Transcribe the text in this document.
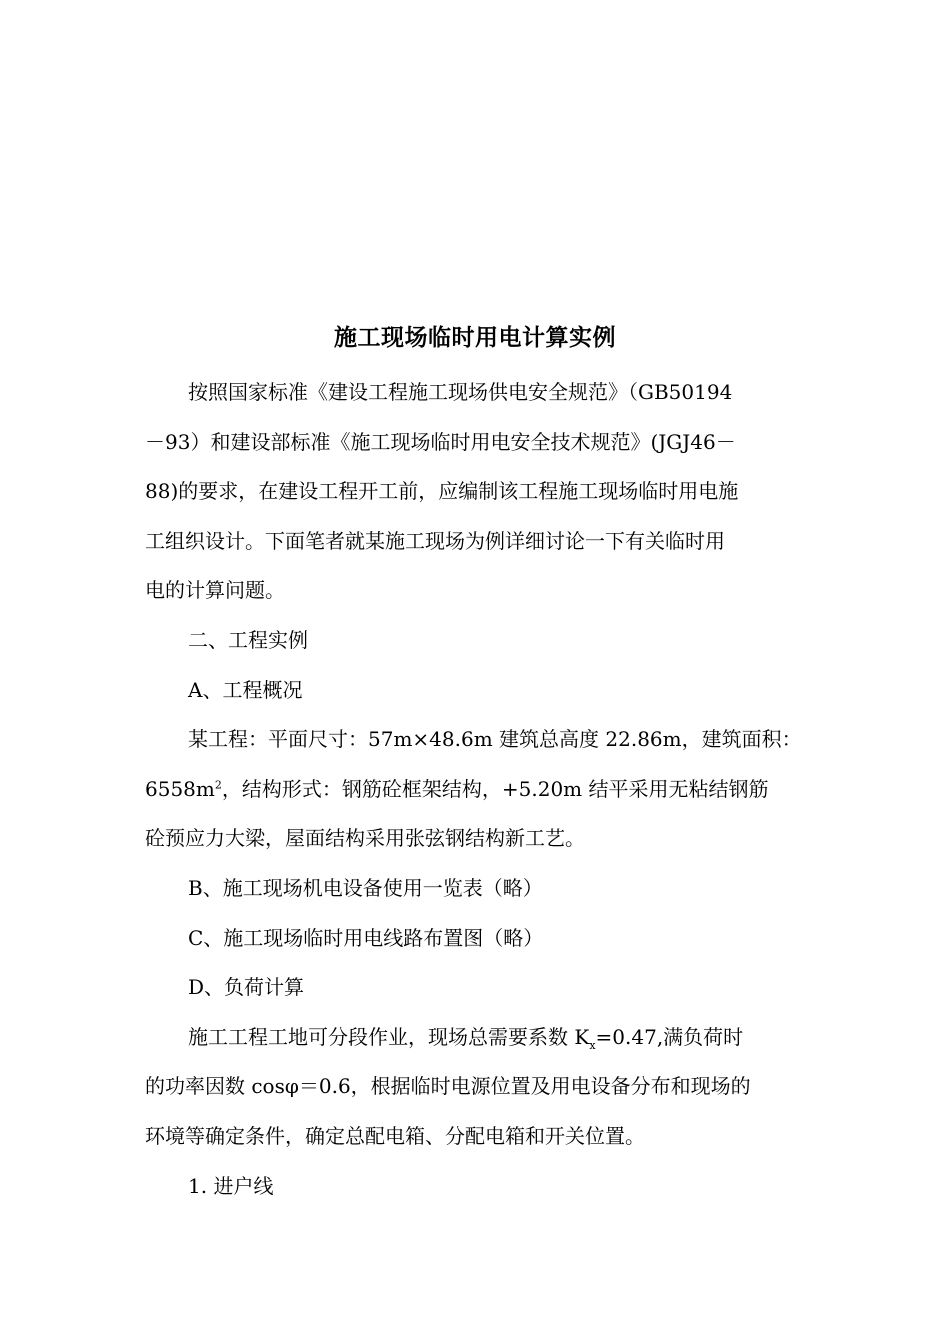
施工现场临时用电计算实例
按照国家标准《建设工程施工现场供电安全规范》（GB50194
－93）和建设部标准《施工现场临时用电安全技术规范》(JGJ46－
88)的要求，在建设工程开工前，应编制该工程施工现场临时用电施
工组织设计。下面笔者就某施工现场为例详细讨论一下有关临时用
电的计算问题。
二、工程实例
A、工程概况
某工程：平面尺寸：57m×48.6m 建筑总高度 22.86m，建筑面积：
$6558m^2$，结构形式：钢筋砼框架结构，+5.20m 结平采用无粘结钢筋
砼预应力大梁，屋面结构采用张弦钢结构新工艺。
B、施工现场机电设备使用一览表（略）
C、施工现场临时用电线路布置图（略）
D、负荷计算
施工工程工地可分段作业，现场总需要系数 $K_x=0.47$,满负荷时
的功率因数 cosφ＝0.6，根据临时电源位置及用电设备分布和现场的
环境等确定条件，确定总配电箱、分配电箱和开关位置。
1. 进户线
